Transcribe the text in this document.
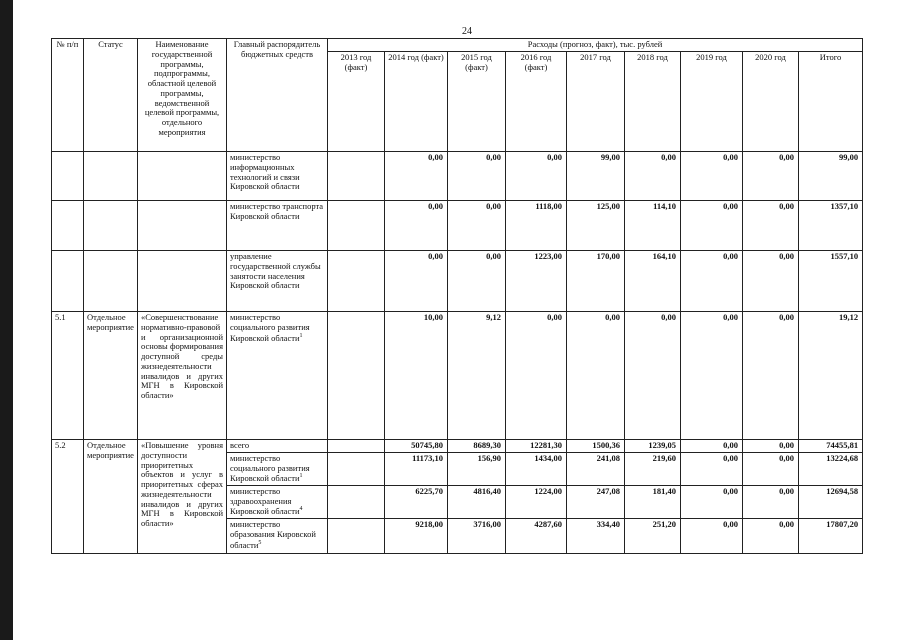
24
№ п/п	Статус	Наименование государственной программы, подпрограммы, областной целевой программы, ведомственной целевой программы, отдельного мероприятия	Главный распорядитель бюджетных средств	Расходы (прогноз, факт), тыс. рублей								
				2013 год (факт)	2014 год (факт)	2015 год (факт)	2016 год (факт)	2017 год	2018 год	2019 год	2020 год	Итого
			министерство информационных технологий и связи Кировской области		0,00	0,00	0,00	99,00	0,00	0,00	0,00	99,00
			министерство транспорта Кировской области		0,00	0,00	1118,00	125,00	114,10	0,00	0,00	1357,10
			управление государственной службы занятости населения Кировской области		0,00	0,00	1223,00	170,00	164,10	0,00	0,00	1557,10
5.1	Отдельное мероприятие	«Совершенствование нормативно-правовой и организационной основы формирования доступной среды жизнедеятельности инвалидов и других МГН в Кировской области»	министерство социального развития Кировской области$^1$		10,00	9,12	0,00	0,00	0,00	0,00	0,00	19,12
5.2	Отдельное мероприятие	«Повышение уровня доступности приоритетных объектов и услуг в приоритетных сферах жизнедеятельности инвалидов и других МГН в Кировской области»	всего		50745,80	8689,30	12281,30	1500,36	1239,05	0,00	0,00	74455,81
			министерство социального развития Кировской области$^1$		11173,10	156,90	1434,00	241,08	219,60	0,00	0,00	13224,68
			министерство здравоохранения Кировской области$^4$		6225,70	4816,40	1224,00	247,08	181,40	0,00	0,00	12694,58
			министерство образования Кировской области$^5$		9218,00	3716,00	4287,60	334,40	251,20	0,00	0,00	17807,20
